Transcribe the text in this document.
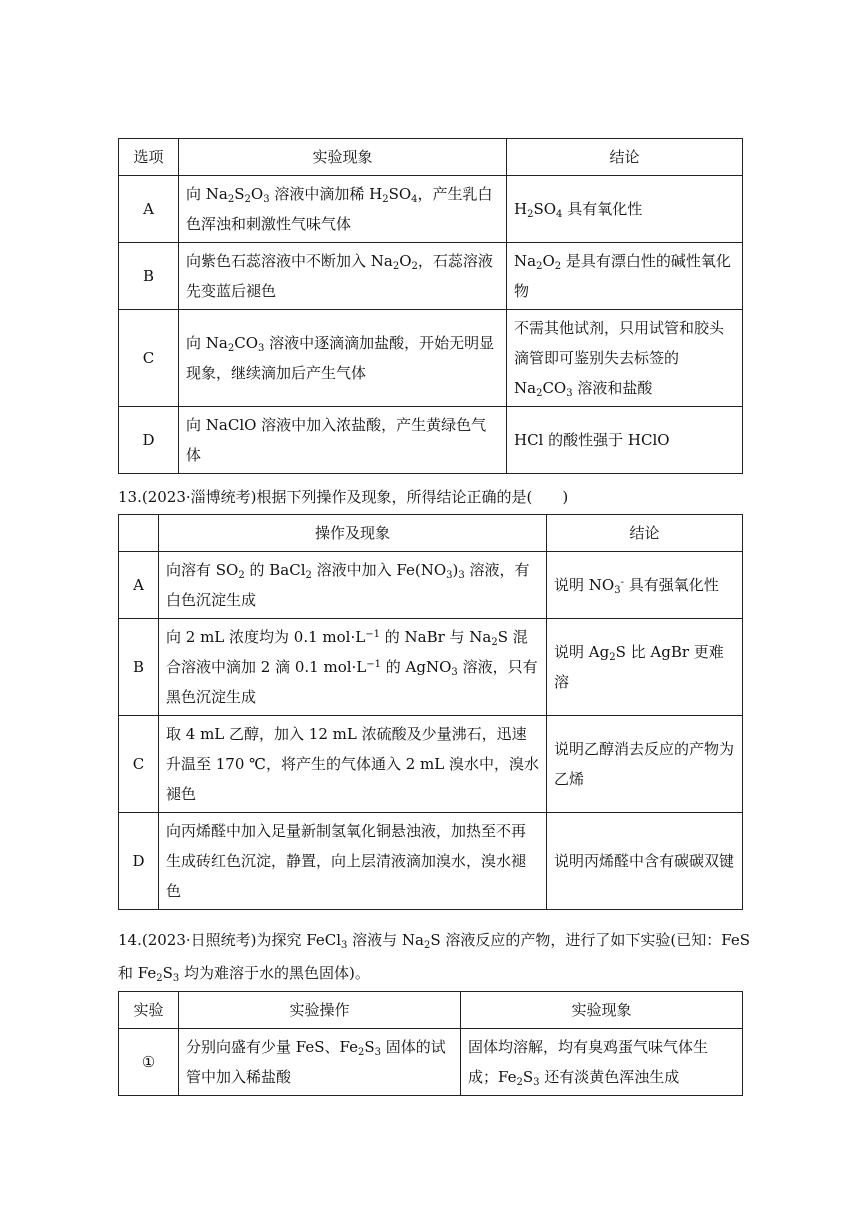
选项	实验现象	结论
A	向 $Na_2S_2O_3$ 溶液中滴加稀 $H_2SO_4$，产生乳白色浑浊和刺激性气味气体	$H_2SO_4$ 具有氧化性
B	向紫色石蕊溶液中不断加入 $Na_2O_2$，石蕊溶液先变蓝后褪色	$Na_2O_2$ 是具有漂白性的碱性氧化物
C	向 $Na_2CO_3$ 溶液中逐滴滴加盐酸，开始无明显现象，继续滴加后产生气体	不需其他试剂，只用试管和胶头滴管即可鉴别失去标签的 $Na_2CO_3$ 溶液和盐酸
D	向 NaClO 溶液中加入浓盐酸，产生黄绿色气体	HCl 的酸性强于 HClO
13.(2023·淄博统考)根据下列操作及现象，所得结论正确的是(　　)
	操作及现象	结论
A	向溶有 $SO_2$ 的 BaCl$_2$ 溶液中加入 $Fe(NO_3)_3$ 溶液，有白色沉淀生成	说明 $NO_3^-$ 具有强氧化性
B	向 2 mL 浓度均为 0.1 $mol\cdot L^{-1}$ 的 NaBr 与 $Na_2S$ 混合溶液中滴加 2 滴 0.1 $mol\cdot L^{-1}$ 的 AgNO$_3$ 溶液，只有黑色沉淀生成	说明 $Ag_2S$ 比 AgBr 更难溶
C	取 4 mL 乙醇，加入 12 mL 浓硫酸及少量沸石，迅速升温至 170 ℃，将产生的气体通入 2 mL 溴水中，溴水褪色	说明乙醇消去反应的产物为乙烯
D	向丙烯醛中加入足量新制氢氧化铜悬浊液，加热至不再生成砖红色沉淀，静置，向上层清液滴加溴水，溴水褪色	说明丙烯醛中含有碳碳双键
14.(2023·日照统考)为探究 FeCl$_3$ 溶液与 $Na_2S$ 溶液反应的产物，进行了如下实验(已知：FeS 和 $Fe_2S_3$ 均为难溶于水的黑色固体)。
实验	实验操作	实验现象
①	分别向盛有少量 FeS、$Fe_2S_3$ 固体的试管中加入稀盐酸	固体均溶解，均有臭鸡蛋气味气体生成；$Fe_2S_3$ 还有淡黄色浑浊生成
